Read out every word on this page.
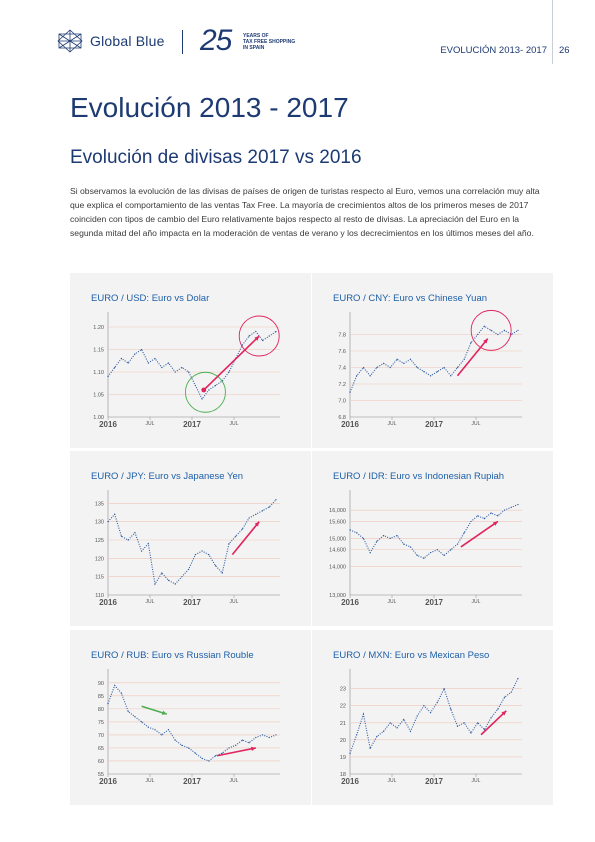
Global Blue 25 YEARS OF
TAX FREE SHOPPING
IN SPAIN	EVOLUCIÓN 2013- 2017 26
Evolución 2013 - 2017
Evolución de divisas 2017 vs 2016

Si observamos la evolución de las divisas de países de origen de turistas respecto al Euro, vemos una correlación muy alta que explica el comportamiento de las ventas Tax Free. La mayoría de crecimientos altos de los primeros meses de 2017 coinciden con tipos de cambio del Euro relativamente bajos respecto al resto de divisas. La apreciación del Euro en la segunda mitad del año impacta en la moderación de ventas de verano y los decrecimientos en los últimos meses del año.

EURO / USD: Euro vs Dolar
1.00
1.05
1.10
1.15
1.20
2016	JUL	2017	JUL
EURO / CNY: Euro vs Chinese Yuan
6.8
7.0
7.2
7.4
7.6
7.8
2016	JUL	2017	JUL
EURO / JPY: Euro vs Japanese Yen
110
115
120
125
130
135
2016	JUL	2017	JUL
EURO / IDR: Euro vs Indonesian Rupiah
13,000
14,000
14,600
15,000
15,600
16,000
2016	JUL	2017	JUL
EURO / RUB: Euro vs Russian Rouble
55
60
65
70
75
80
85
90
2016	JUL	2017	JUL
EURO / MXN: Euro vs Mexican Peso
18
19
20
21
22
23
2016	JUL	2017	JUL
